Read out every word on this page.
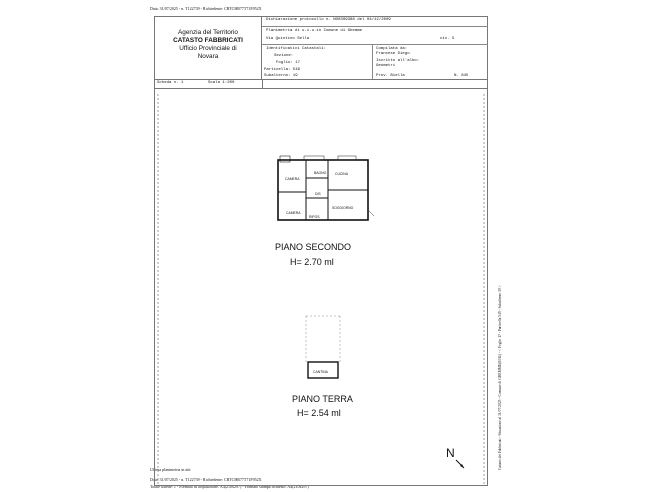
Data: 31/07/2025 - n. T122739 - Richiedente: CRTCHR77T71F952X
Ultima planimetria in atti
Data: 31/07/2025 - n. T122739 - Richiedente: CRTCHR77T71F952X
Totale schede: 1 - Formato di acquisizione: A4(210x297) - Formato stampa richiesto: A4(210x297)
Agenzia del Territorio
CATASTO FABBRICATI
Ufficio Provinciale di
Novara
Dichiarazione protocollo n. NO0309388 del 04/12/2009
Planimetria di u.i.u.in Comune di Ghemme
Via Quintino Sella	civ. 5
Identificativi Catastali:
Sezione:
Foglio: 17
Particella: 549
Subalterno: 19
Compilata da:
Francese Diego
Iscritto all'albo:
Geometri
Prov. Biella	N. 845
Scheda n. 1	Scala 1:200
CAMERA
BAGNO	CUCINA
CAMERA
DIS
RIPOS.
SOGGIORNO
PIANO SECONDO
H= 2.70 ml
CANTINA
PIANO TERRA
H= 2.54 ml
N	Catasto dei Fabbricati - Situazione al 31/07/2025 - Comune di GHEMME(E011) - < Foglio 17 - Particella 549 - Subalterno 19 >
